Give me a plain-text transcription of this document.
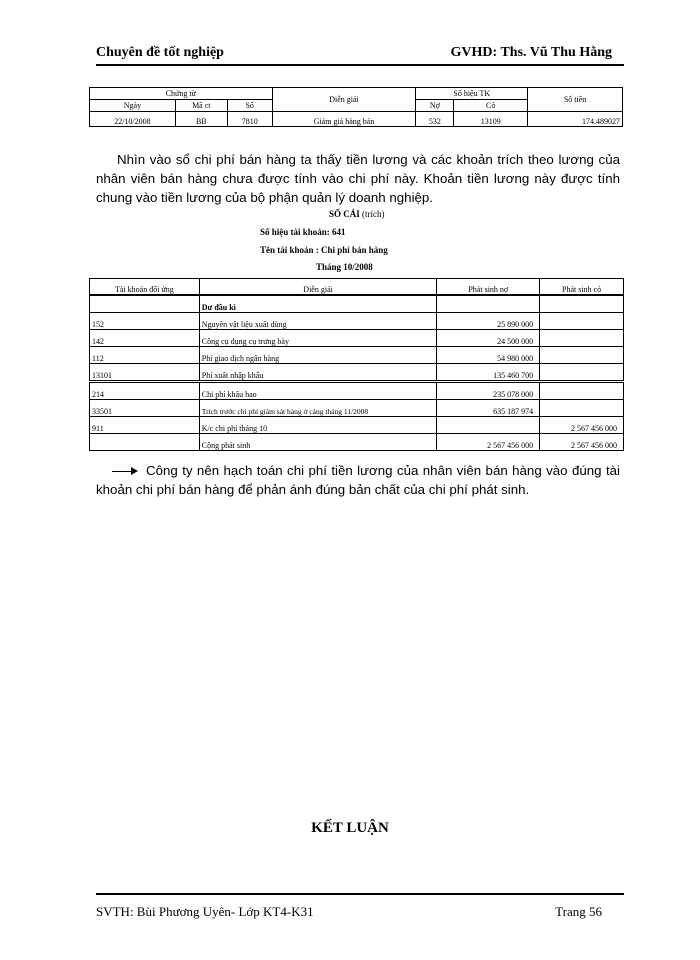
Chuyên đề tốt nghiệp	GVHD: Ths. Vũ Thu Hằng
Chứng từ			Diễn giải	Số hiệu TK		Số tiền
Ngày	Mã ct	Số		Nợ	Có	
22/10/2008	BB	7810	Giảm giá hàng bán	532	13109	174.489027
Nhìn vào sổ chi phí bán hàng ta thấy tiền lương và các khoản trích theo lương của nhân viên bán hàng chưa được tính vào chi phí này. Khoản tiền lương này được tính chung vào tiền lương của bộ phận quản lý doanh nghiệp.
SỔ CÁI (trích)
Số hiệu tài khoản: 641
Tên tài khoản : Chi phí bán hàng
Tháng 10/2008
Tài khoản đối ứng	Diễn giải	Phát sinh nợ	Phát sinh có
	Dư đầu kì		
152	Nguyên vật liệu xuất dùng	25 890 000	
142	Công cụ dụng cụ trưng bày	24 500 000	
112	Phí giao dịch ngân hàng	54 980 000	
13101	Phí xuất nhập khẩu	135 460 700	
214	Chi phí khấu hao	235 078 000	
33501	Trích trước chi phí giám sát hàng ở cảng tháng 11/2008	635 187 974	
911	K/c chi phí tháng 10		2 567 456 000
	Cộng phát sinh	2 567 456 000	2 567 456 000
Công ty nên hạch toán chi phí tiền lương của nhân viên bán hàng vào đúng tài khoản chi phí bán hàng để phản ánh đúng bản chất của chi phí phát sinh.
KẾT LUẬN
SVTH: Bùi Phương Uyên- Lớp KT4-K31	Trang 56
